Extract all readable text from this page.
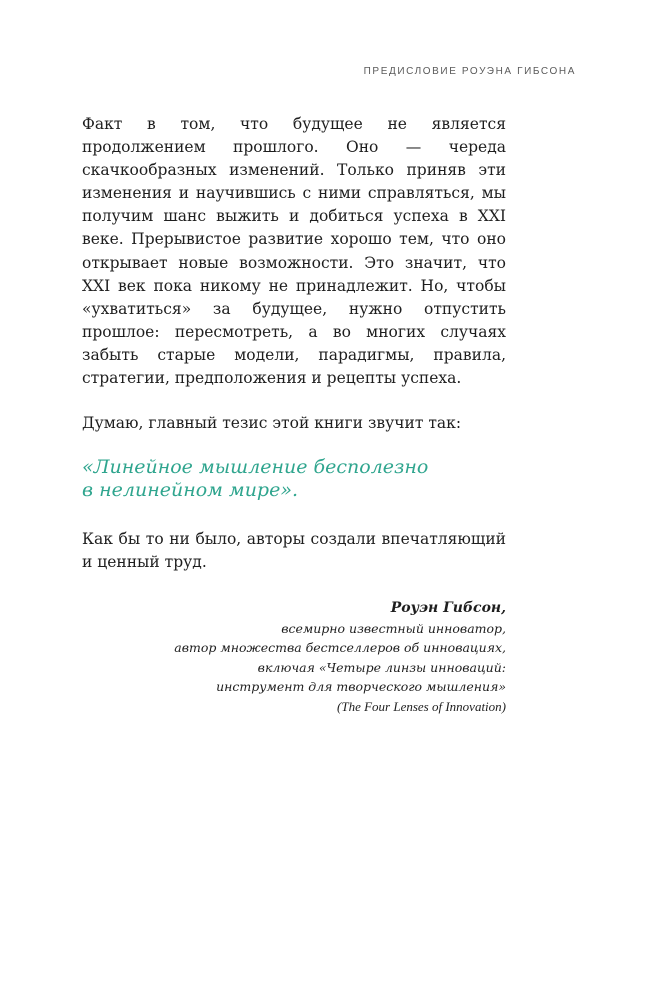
ПРЕДИСЛОВИЕ РОУЭНА ГИБСОНА

Факт в том, что будущее не является продолжением прошлого. Оно — череда скачкообразных изменений. Только приняв эти изменения и научившись с ними справляться, мы получим шанс выжить и добиться успеха в XXI веке. Прерывистое развитие хорошо тем, что оно открывает новые возможности. Это значит, что XXI век пока никому не принадлежит. Но, чтобы «ухватиться» за будущее, нужно отпустить прошлое: пересмотреть, а во многих случаях забыть старые модели, парадигмы, правила, стратегии, предположения и рецепты успеха.

Думаю, главный тезис этой книги звучит так:

«Линейное мышление бесполезно
в нелинейном мире».

Как бы то ни было, авторы создали впечатляющий и ценный труд.

Роуэн Гибсон,
всемирно известный инноватор,
автор множества бестселлеров об инновациях,
включая «Четыре линзы инноваций:
инструмент для творческого мышления»
(The Four Lenses of Innovation)
